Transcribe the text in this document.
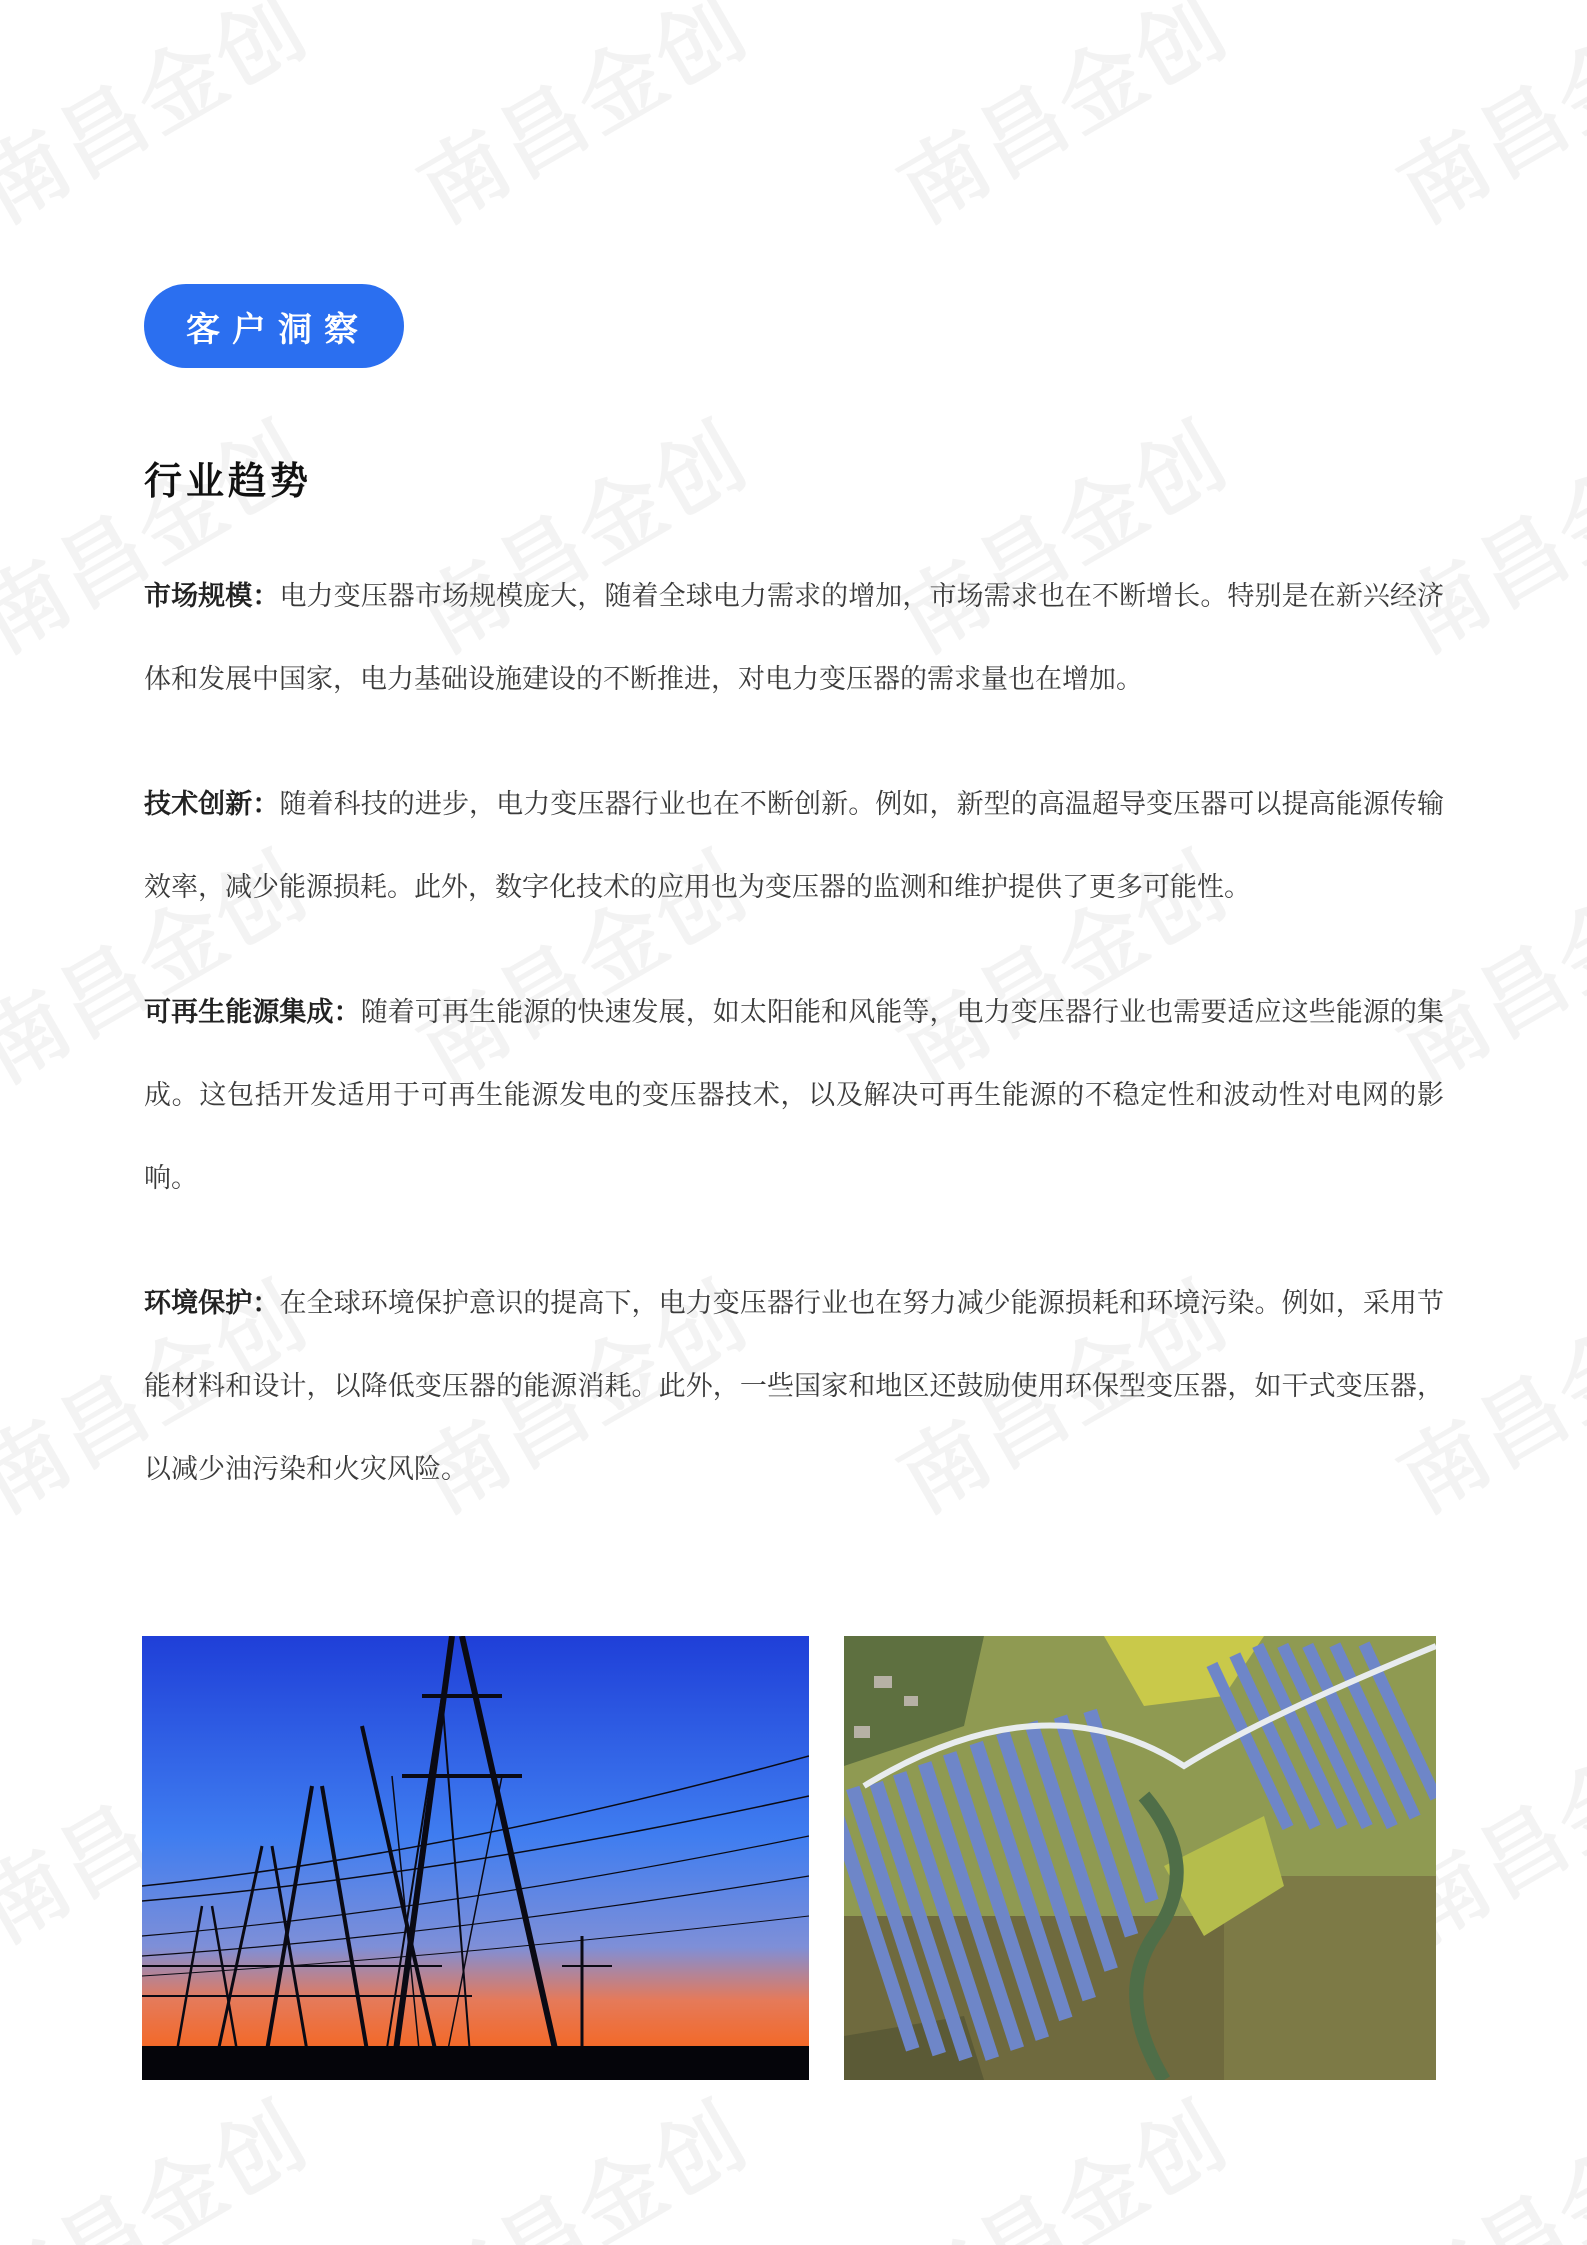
客户洞察
行业趋势

市场规模：电力变压器市场规模庞大，随着全球电力需求的增加，市场需求也在不断增长。特别是在新兴经济体和发展中国家，电力基础设施建设的不断推进，对电力变压器的需求量也在增加。

技术创新：随着科技的进步，电力变压器行业也在不断创新。例如，新型的高温超导变压器可以提高能源传输效率，减少能源损耗。此外，数字化技术的应用也为变压器的监测和维护提供了更多可能性。

可再生能源集成：随着可再生能源的快速发展，如太阳能和风能等，电力变压器行业也需要适应这些能源的集成。这包括开发适用于可再生能源发电的变压器技术，以及解决可再生能源的不稳定性和波动性对电网的影响。

环境保护：在全球环境保护意识的提高下，电力变压器行业也在努力减少能源损耗和环境污染。例如，采用节能材料和设计，以降低变压器的能源消耗。此外，一些国家和地区还鼓励使用环保型变压器，如干式变压器，以减少油污染和火灾风险。
